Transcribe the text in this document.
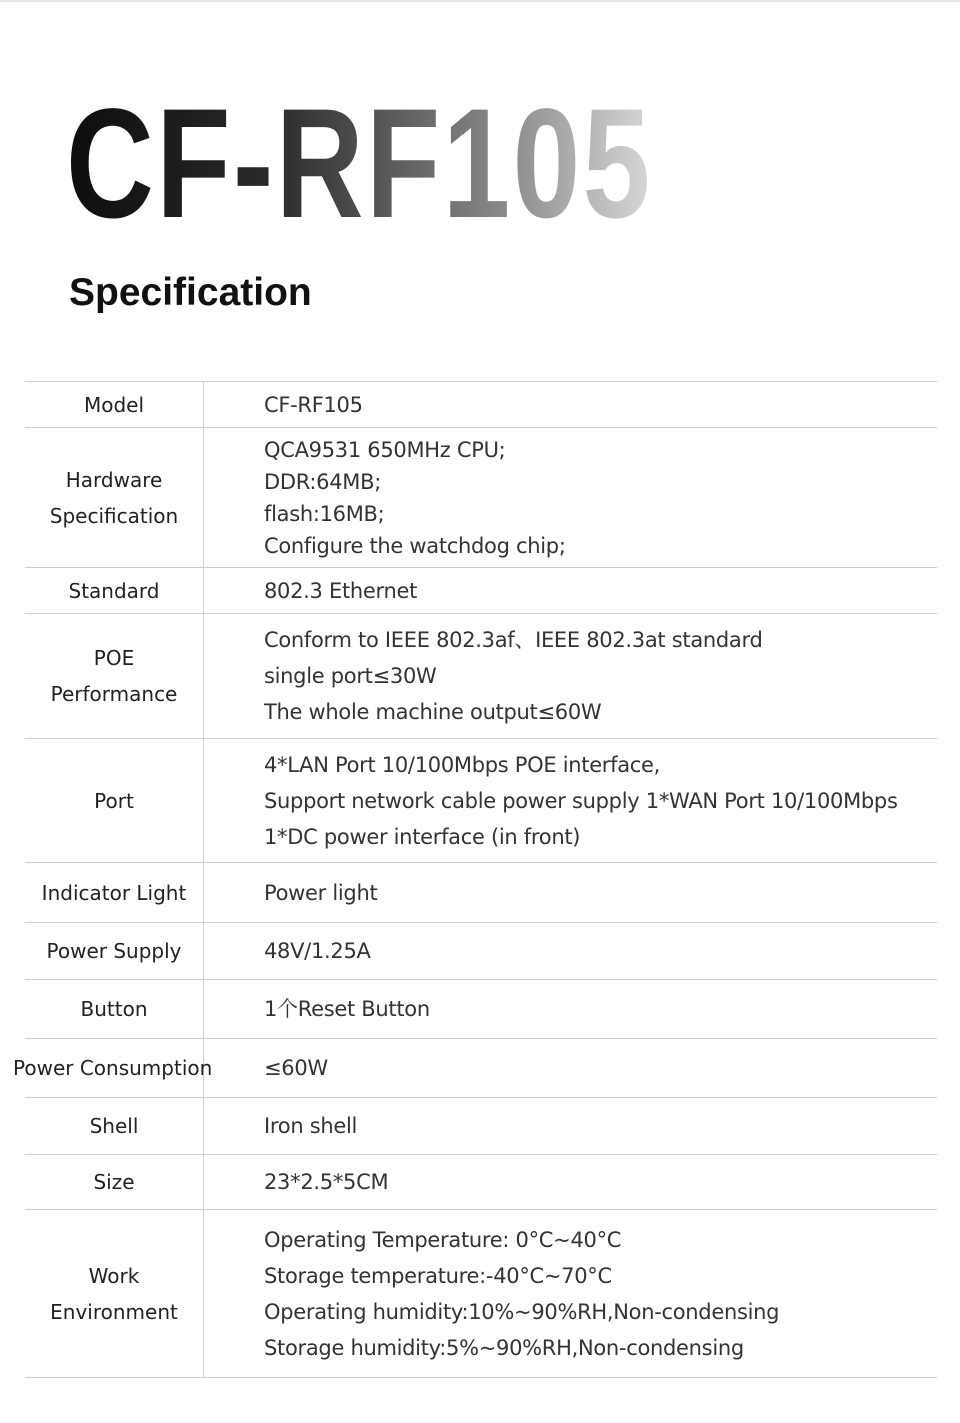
CF-RF105
Specification
Model	CF-RF105

Hardware
Specification	QCA9531 650MHz CPU;
DDR:64MB;
flash:16MB;
Configure the watchdog chip;

Standard	802.3 Ethernet

POE
Performance	Conform to IEEE 802.3af、IEEE 802.3at standard
single port≤30W
The whole machine output≤60W

Port	4*LAN Port 10/100Mbps POE interface,
Support network cable power supply 1*WAN Port 10/100Mbps
1*DC power interface (in front)

Indicator Light	Power light

Power Supply	48V/1.25A

Button	1个Reset Button

Power Consumption	≤60W

Shell	Iron shell

Size	23*2.5*5CM

Work
Environment	Operating Temperature: 0°C~40°C
Storage temperature:-40°C~70°C
Operating humidity:10%~90%RH,Non-condensing
Storage humidity:5%~90%RH,Non-condensing
